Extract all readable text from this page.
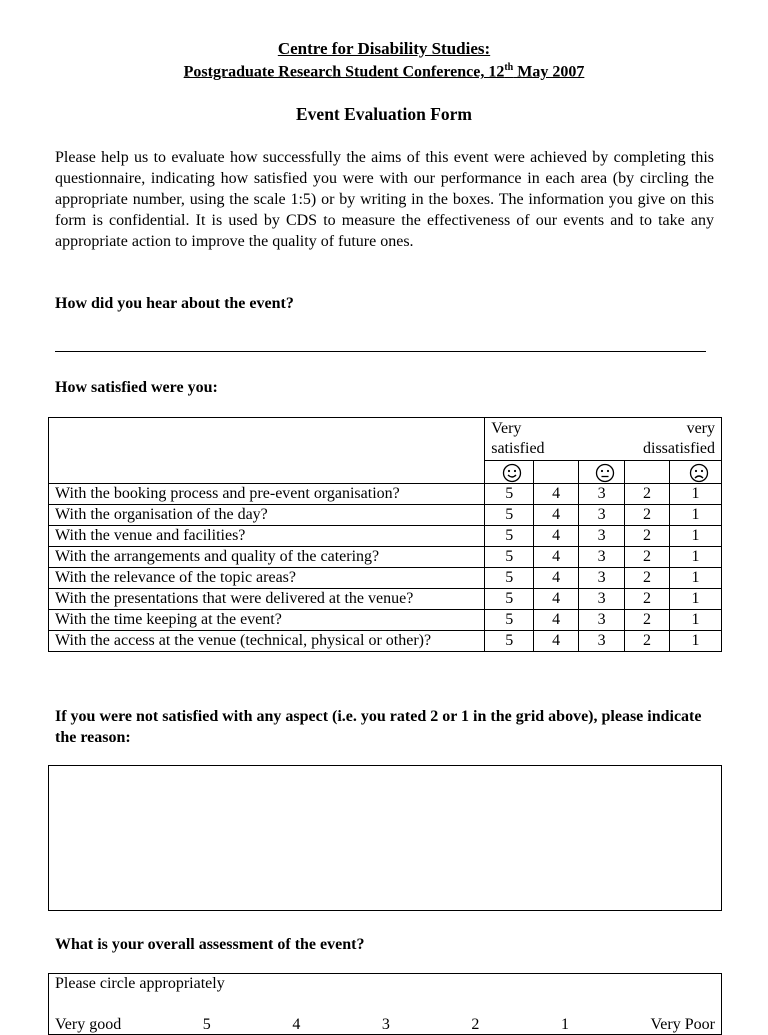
Centre for Disability Studies:
Postgraduate Research Student Conference, 12th May 2007
Event Evaluation Form
Please help us to evaluate how successfully the aims of this event were achieved by completing this questionnaire, indicating how satisfied you were with our performance in each area (by circling the appropriate number, using the scale 1:5) or by writing in the boxes. The information you give on this form is confidential. It is used by CDS to measure the effectiveness of our events and to take any appropriate action to improve the quality of future ones.
How did you hear about the event?
How satisfied were you:

	Very very
satisfied dissatisfied				

With the booking process and pre-event organisation?	5	4	3	2	1
With the organisation of the day?	5	4	3	2	1
With the venue and facilities?	5	4	3	2	1
With the arrangements and quality of the catering?	5	4	3	2	1
With the relevance of the topic areas?	5	4	3	2	1
With the presentations that were delivered at the venue?	5	4	3	2	1
With the time keeping at the event?	5	4	3	2	1
With the access at the venue (technical, physical or other)?	5	4	3	2	1
If you were not satisfied with any aspect (i.e. you rated 2 or 1 in the grid above), please indicate the reason:
What is your overall assessment of the event?
Please circle appropriately
Very good	5	4	3	2	1	Very Poor
